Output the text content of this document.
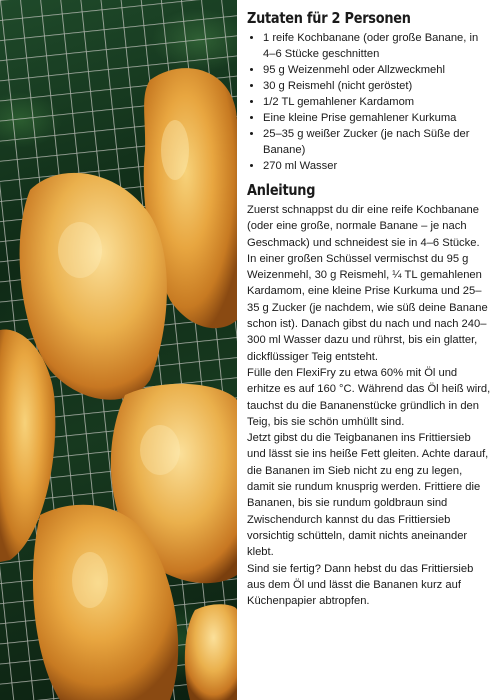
Zutaten für 2 Personen
• 1 reife Kochbanane (oder große Banane, in 4–6 Stücke geschnitten
• 95 g Weizenmehl oder Allzweckmehl
• 30 g Reismehl (nicht geröstet)
• 1/2 TL gemahlener Kardamom
• Eine kleine Prise gemahlener Kurkuma
• 25–35 g weißer Zucker (je nach Süße der Banane)
• 270 ml Wasser
Anleitung

Zuerst schnappst du dir eine reife Kochbanane (oder eine große, normale Banane – je nach Geschmack) und schneidest sie in 4–6 Stücke.

In einer großen Schüssel vermischst du 95 g Weizenmehl, 30 g Reismehl, ¼ TL gemahlenen Kardamom, eine kleine Prise Kurkuma und 25–35 g Zucker (je nachdem, wie süß deine Banane schon ist). Danach gibst du nach und nach 240–300 ml Wasser dazu und rührst, bis ein glatter, dickflüssiger Teig entsteht.

Fülle den FlexiFry zu etwa 60% mit Öl und erhitze es auf 160 °C. Während das Öl heiß wird, tauchst du die Bananenstücke gründlich in den Teig, bis sie schön umhüllt sind.

Jetzt gibst du die Teigbananen ins Frittiersieb und lässt sie ins heiße Fett gleiten. Achte darauf, die Bananen im Sieb nicht zu eng zu legen, damit sie rundum knusprig werden. Frittiere die Bananen, bis sie rundum goldbraun sind Zwischendurch kannst du das Frittiersieb vorsichtig schütteln, damit nichts aneinander klebt.

Sind sie fertig? Dann hebst du das Frittiersieb aus dem Öl und lässt die Bananen kurz auf Küchenpapier abtropfen.
